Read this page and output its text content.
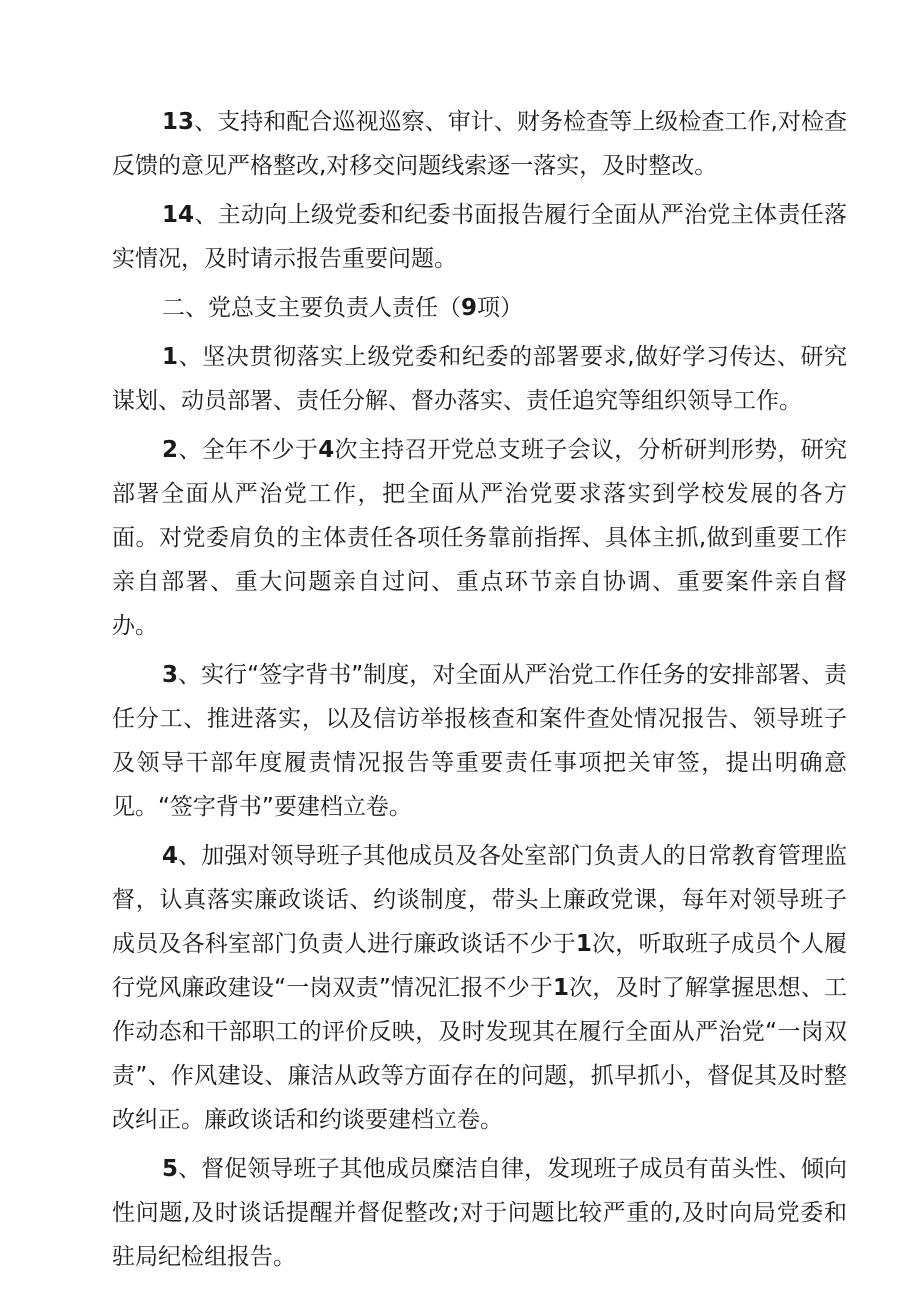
13、支持和配合巡视巡察、审计、财务检查等上级检查工作,对检查反馈的意见严格整改,对移交问题线索逐一落实，及时整改。

14、主动向上级党委和纪委书面报告履行全面从严治党主体责任落实情况，及时请示报告重要问题。

二、党总支主要负责人责任（9项）

1、坚决贯彻落实上级党委和纪委的部署要求,做好学习传达、研究谋划、动员部署、责任分解、督办落实、责任追究等组织领导工作。

2、全年不少于4次主持召开党总支班子会议，分析研判形势，研究部署全面从严治党工作，把全面从严治党要求落实到学校发展的各方面。对党委肩负的主体责任各项任务靠前指挥、具体主抓,做到重要工作亲自部署、重大问题亲自过问、重点环节亲自协调、重要案件亲自督办。

3、实行“签字背书”制度，对全面从严治党工作任务的安排部署、责任分工、推进落实，以及信访举报核查和案件查处情况报告、领导班子及领导干部年度履责情况报告等重要责任事项把关审签，提出明确意见。“签字背书”要建档立卷。

4、加强对领导班子其他成员及各处室部门负责人的日常教育管理监督，认真落实廉政谈话、约谈制度，带头上廉政党课，每年对领导班子成员及各科室部门负责人进行廉政谈话不少于1次，听取班子成员个人履行党风廉政建设“一岗双责”情况汇报不少于1次，及时了解掌握思想、工作动态和干部职工的评价反映，及时发现其在履行全面从严治党“一岗双责”、作风建设、廉洁从政等方面存在的问题，抓早抓小，督促其及时整改纠正。廉政谈话和约谈要建档立卷。

5、督促领导班子其他成员糜洁自律，发现班子成员有苗头性、倾向性问题,及时谈话提醒并督促整改;对于问题比较严重的,及时向局党委和驻局纪检组报告。
